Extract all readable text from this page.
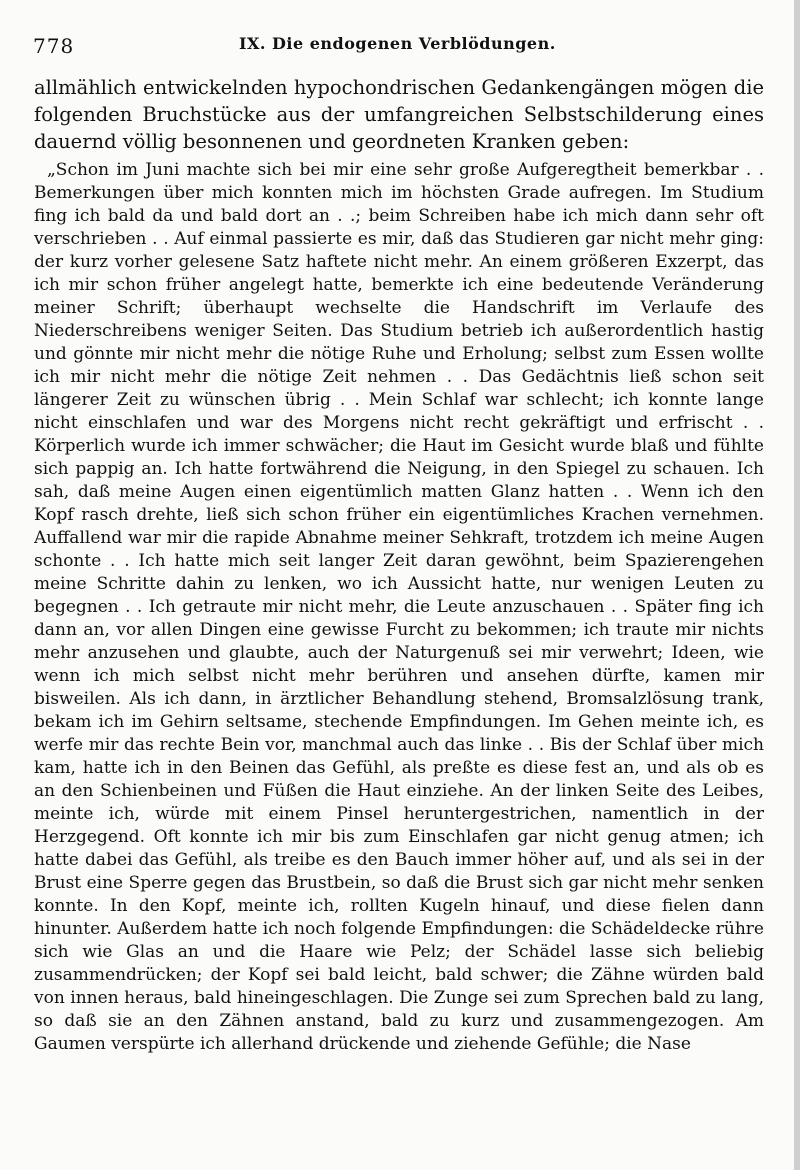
778	IX. Die endogenen Verblödungen.
allmählich entwickelnden hypochondrischen Gedankengängen mögen die folgenden Bruchstücke aus der umfangreichen Selbstschilderung eines dauernd völlig besonnenen und geordneten Kranken geben:

„Schon im Juni machte sich bei mir eine sehr große Aufgeregtheit bemerkbar . . Bemerkungen über mich konnten mich im höchsten Grade aufregen. Im Studium fing ich bald da und bald dort an . .; beim Schreiben habe ich mich dann sehr oft verschrieben . . Auf einmal passierte es mir, daß das Studieren gar nicht mehr ging: der kurz vorher gelesene Satz haftete nicht mehr. An einem größeren Exzerpt, das ich mir schon früher angelegt hatte, bemerkte ich eine bedeutende Veränderung meiner Schrift; überhaupt wechselte die Handschrift im Verlaufe des Niederschreibens weniger Seiten. Das Studium betrieb ich außerordentlich hastig und gönnte mir nicht mehr die nötige Ruhe und Erholung; selbst zum Essen wollte ich mir nicht mehr die nötige Zeit nehmen . . Das Gedächtnis ließ schon seit längerer Zeit zu wünschen übrig . . Mein Schlaf war schlecht; ich konnte lange nicht einschlafen und war des Morgens nicht recht gekräftigt und erfrischt . . Körperlich wurde ich immer schwächer; die Haut im Gesicht wurde blaß und fühlte sich pappig an. Ich hatte fortwährend die Neigung, in den Spiegel zu schauen. Ich sah, daß meine Augen einen eigentümlich matten Glanz hatten . . Wenn ich den Kopf rasch drehte, ließ sich schon früher ein eigentümliches Krachen vernehmen. Auffallend war mir die rapide Abnahme meiner Sehkraft, trotzdem ich meine Augen schonte . . Ich hatte mich seit langer Zeit daran gewöhnt, beim Spazierengehen meine Schritte dahin zu lenken, wo ich Aussicht hatte, nur wenigen Leuten zu begegnen . . Ich getraute mir nicht mehr, die Leute anzuschauen . . Später fing ich dann an, vor allen Dingen eine gewisse Furcht zu bekommen; ich traute mir nichts mehr anzusehen und glaubte, auch der Naturgenuß sei mir verwehrt; Ideen, wie wenn ich mich selbst nicht mehr berühren und ansehen dürfte, kamen mir bisweilen. Als ich dann, in ärztlicher Behandlung stehend, Bromsalzlösung trank, bekam ich im Gehirn seltsame, stechende Empfindungen. Im Gehen meinte ich, es werfe mir das rechte Bein vor, manchmal auch das linke . . Bis der Schlaf über mich kam, hatte ich in den Beinen das Gefühl, als preßte es diese fest an, und als ob es an den Schienbeinen und Füßen die Haut einziehe. An der linken Seite des Leibes, meinte ich, würde mit einem Pinsel heruntergestrichen, namentlich in der Herzgegend. Oft konnte ich mir bis zum Einschlafen gar nicht genug atmen; ich hatte dabei das Gefühl, als treibe es den Bauch immer höher auf, und als sei in der Brust eine Sperre gegen das Brustbein, so daß die Brust sich gar nicht mehr senken konnte. In den Kopf, meinte ich, rollten Kugeln hinauf, und diese fielen dann hinunter. Außerdem hatte ich noch folgende Empfindungen: die Schädeldecke rühre sich wie Glas an und die Haare wie Pelz; der Schädel lasse sich beliebig zusammendrücken; der Kopf sei bald leicht, bald schwer; die Zähne würden bald von innen heraus, bald hineingeschlagen. Die Zunge sei zum Sprechen bald zu lang, so daß sie an den Zähnen anstand, bald zu kurz und zusammengezogen. Am Gaumen verspürte ich allerhand drückende und ziehende Gefühle; die Nase
